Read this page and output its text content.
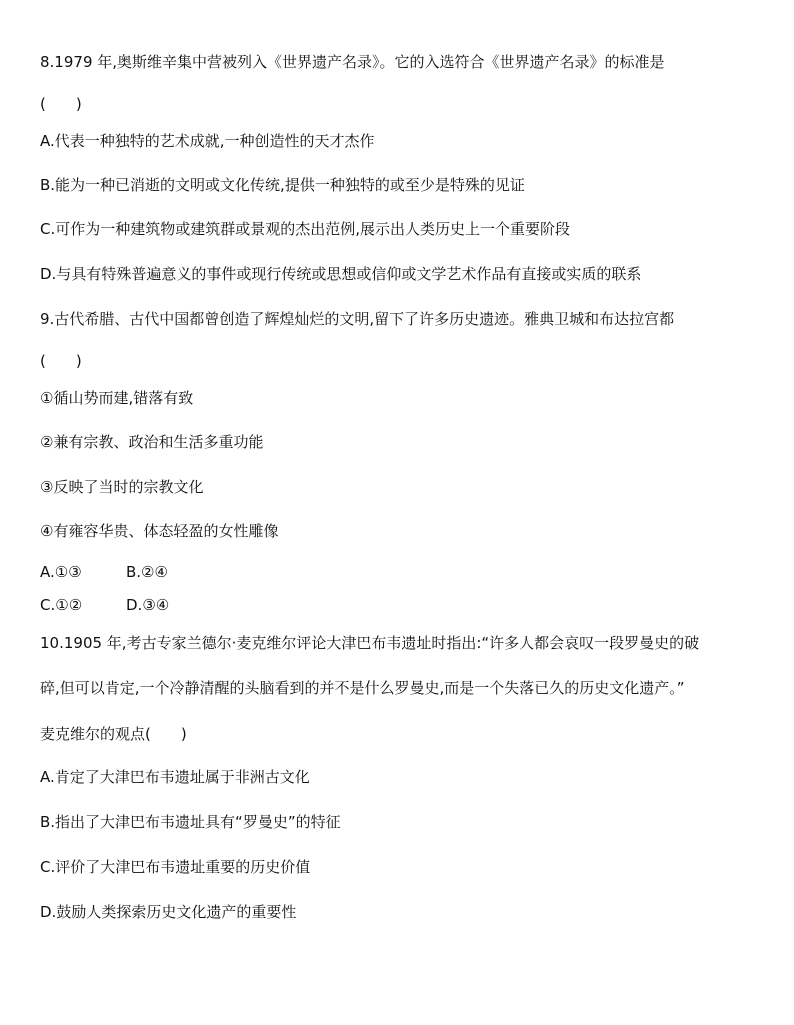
8.1979 年,奥斯维辛集中营被列入《世界遗产名录》。它的入选符合《世界遗产名录》的标准是
(　　)
A.代表一种独特的艺术成就,一种创造性的天才杰作
B.能为一种已消逝的文明或文化传统,提供一种独特的或至少是特殊的见证
C.可作为一种建筑物或建筑群或景观的杰出范例,展示出人类历史上一个重要阶段
D.与具有特殊普遍意义的事件或现行传统或思想或信仰或文学艺术作品有直接或实质的联系
9.古代希腊、古代中国都曾创造了辉煌灿烂的文明,留下了许多历史遗迹。雅典卫城和布达拉宫都
(　　)
①循山势而建,错落有致
②兼有宗教、政治和生活多重功能
③反映了当时的宗教文化
④有雍容华贵、体态轻盈的女性雕像
A.①③	B.②④
C.①②	D.③④
10.1905 年,考古专家兰德尔·麦克维尔评论大津巴布韦遗址时指出:“许多人都会哀叹一段罗曼史的破
碎,但可以肯定,一个冷静清醒的头脑看到的并不是什么罗曼史,而是一个失落已久的历史文化遗产。”
麦克维尔的观点(　　)
A.肯定了大津巴布韦遗址属于非洲古文化
B.指出了大津巴布韦遗址具有“罗曼史”的特征
C.评价了大津巴布韦遗址重要的历史价值
D.鼓励人类探索历史文化遗产的重要性
